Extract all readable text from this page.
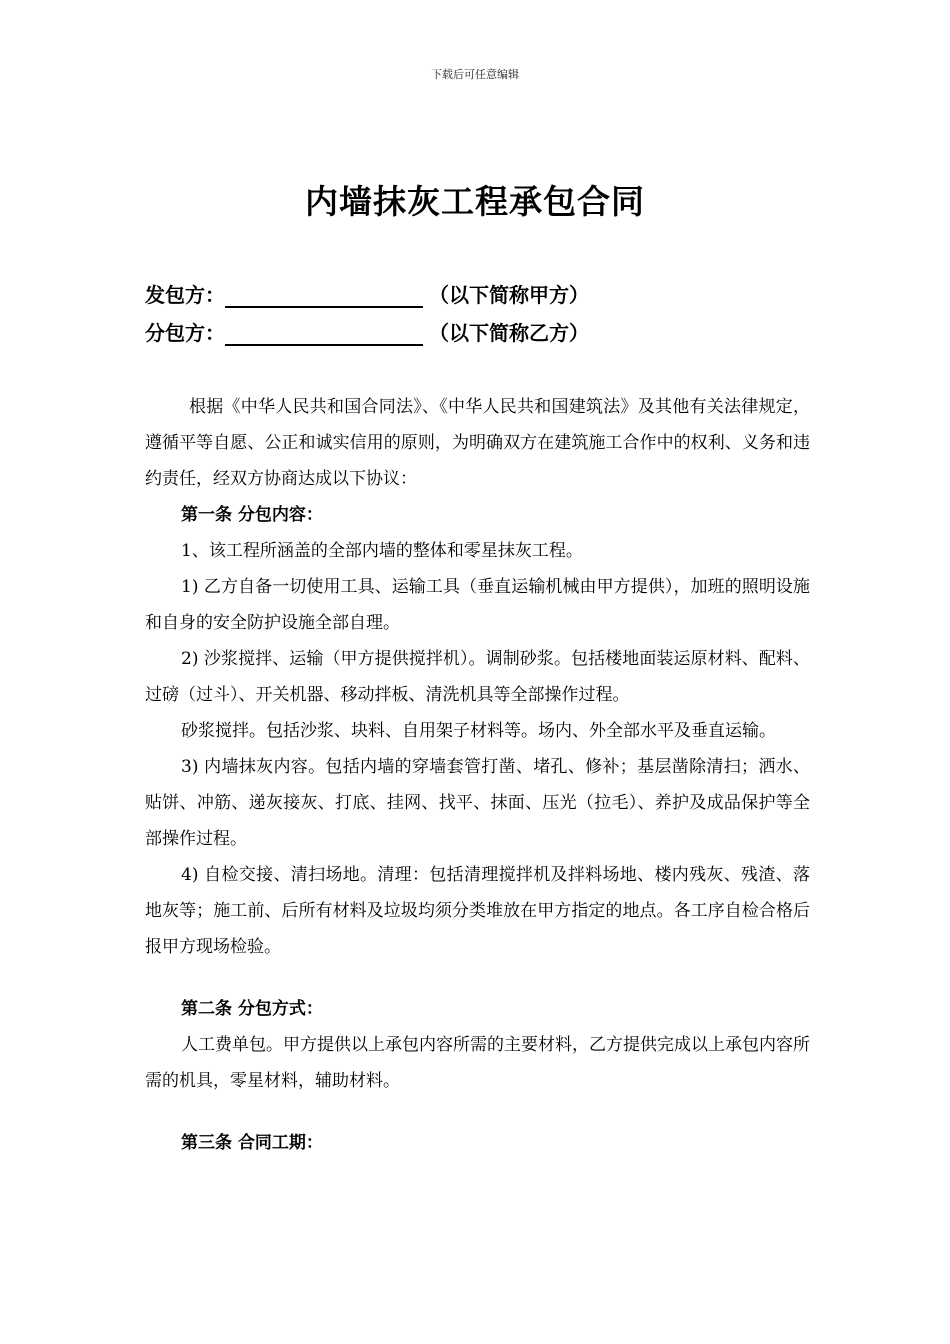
下载后可任意编辑
内墙抹灰工程承包合同
发包方：	（以下简称甲方）
分包方：	（以下简称乙方）

根据《中华人民共和国合同法》、《中华人民共和国建筑法》及其他有关法律规定，遵循平等自愿、公正和诚实信用的原则，为明确双方在建筑施工合作中的权利、义务和违约责任，经双方协商达成以下协议：

第一条 分包内容：

1、该工程所涵盖的全部内墙的整体和零星抹灰工程。

1) 乙方自备一切使用工具、运输工具（垂直运输机械由甲方提供），加班的照明设施和自身的安全防护设施全部自理。

2) 沙浆搅拌、运输（甲方提供搅拌机）。调制砂浆。包括楼地面装运原材料、配料、过磅（过斗）、开关机器、移动拌板、清洗机具等全部操作过程。

砂浆搅拌。包括沙浆、块料、自用架子材料等。场内、外全部水平及垂直运输。

3) 内墙抹灰内容。包括内墙的穿墙套管打凿、堵孔、修补；基层凿除清扫；洒水、贴饼、冲筋、递灰接灰、打底、挂网、找平、抹面、压光（拉毛）、养护及成品保护等全部操作过程。

4) 自检交接、清扫场地。清理：包括清理搅拌机及拌料场地、楼内残灰、残渣、落地灰等；施工前、后所有材料及垃圾均须分类堆放在甲方指定的地点。各工序自检合格后报甲方现场检验。

第二条 分包方式：

人工费单包。甲方提供以上承包内容所需的主要材料，乙方提供完成以上承包内容所需的机具，零星材料，辅助材料。

第三条 合同工期：
